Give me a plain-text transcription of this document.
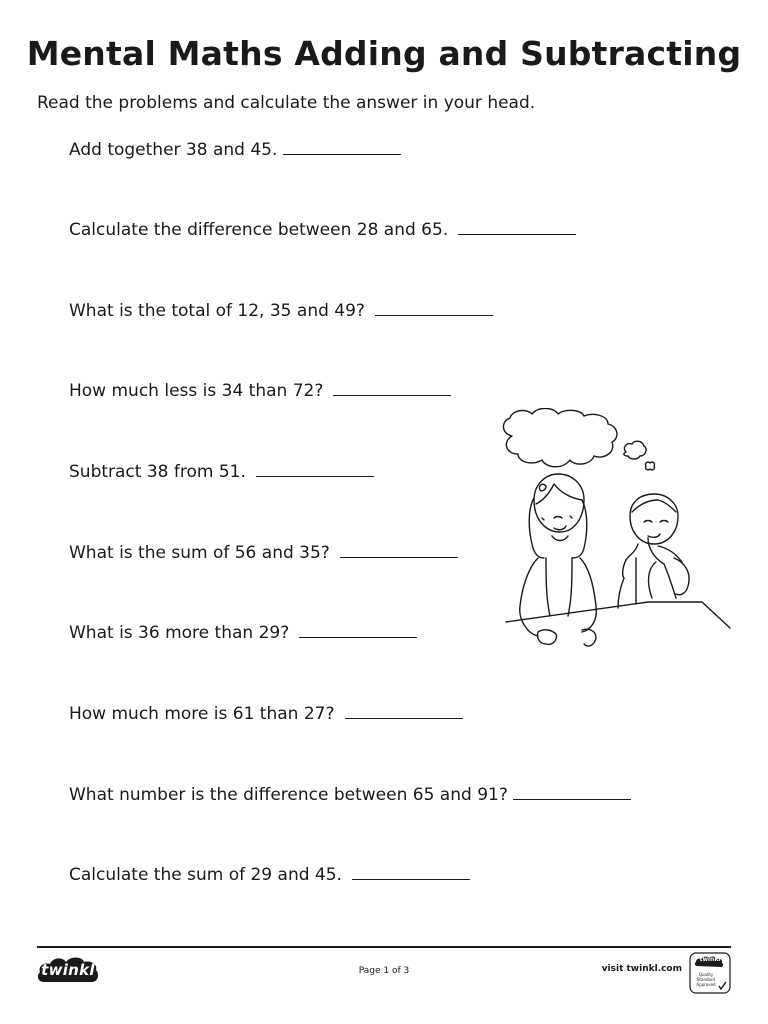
Mental Maths Adding and Subtracting
Read the problems and calculate the answer in your head.
Add together 38 and 45.
Calculate the difference between 28 and 65.
What is the total of 12, 35 and 49?
How much less is 34 than 72?
Subtract 38 from 51.
What is the sum of 56 and 35?
What is 36 more than 29?
How much more is 61 than 27?
What number is the difference between 65 and 91?
Calculate the sum of 29 and 45.
twinkl	Page 1 of 3	visit twinkl.com
twinkl
Quality Standard Approved
